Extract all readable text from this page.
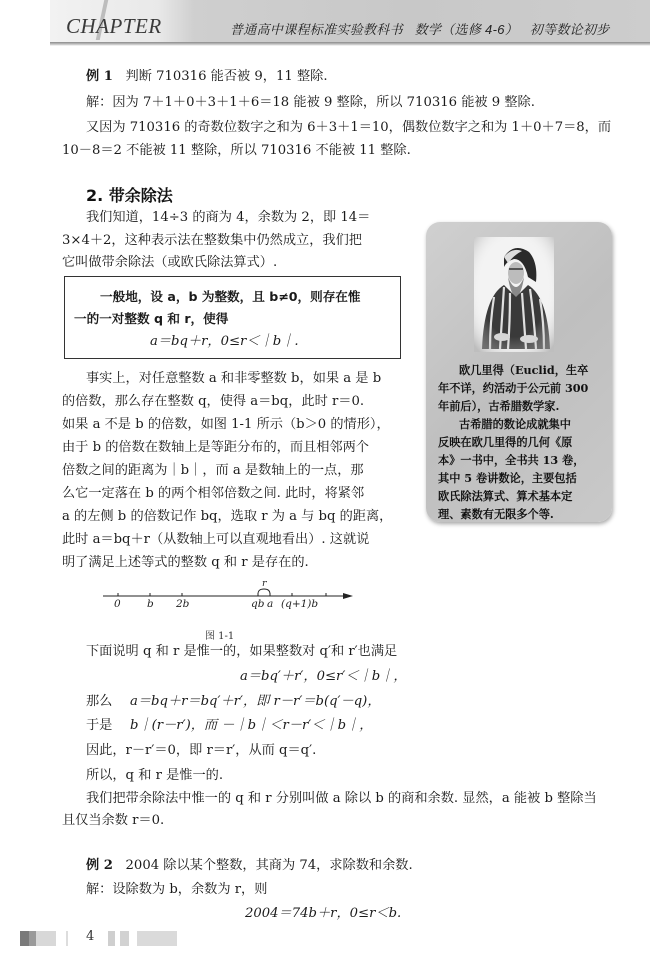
CHAPTER	普通高中课程标准实验教科书   数学（选修 4-6）   初等数论初步
例 1 判断 710316 能否被 9，11 整除.
解：因为 7＋1＋0＋3＋1＋6＝18 能被 9 整除，所以 710316 能被 9 整除.
又因为 710316 的奇数位数字之和为 6＋3＋1＝10，偶数位数字之和为 1＋0＋7＝8，而
10－8＝2 不能被 11 整除，所以 710316 不能被 11 整除.
2. 带余除法
我们知道，14÷3 的商为 4，余数为 2，即 14＝
3×4＋2，这种表示法在整数集中仍然成立，我们把
它叫做带余除法（或欧氏除法算式）.
一般地，设 a，b 为整数，且 b≠0，则存在惟
一的一对整数 q 和 r，使得
a＝bq＋r，0≤r＜｜b｜.
事实上，对任意整数 a 和非零整数 b，如果 a 是 b
的倍数，那么存在整数 q，使得 a＝bq，此时 r＝0.
如果 a 不是 b 的倍数，如图 1-1 所示（b＞0 的情形），
由于 b 的倍数在数轴上是等距分布的，而且相邻两个
倍数之间的距离为｜b｜，而 a 是数轴上的一点，那
么它一定落在 b 的两个相邻倍数之间. 此时，将紧邻
a 的左侧 b 的倍数记作 bq，选取 r 为 a 与 bq 的距离，
此时 a＝bq＋r（从数轴上可以直观地看出）. 这就说
明了满足上述等式的整数 q 和 r 是存在的.
欧几里得（Euclid，生卒
年不详，约活动于公元前 300
年前后），古希腊数学家.
古希腊的数论成就集中
反映在欧几里得的几何《原
本》一书中，全书共 13 卷，
其中 5 卷讲数论，主要包括
欧氏除法算式、算术基本定
理、素数有无限多个等.
0	b 2b	qb a (q+1)b
r
图 1-1
下面说明 q 和 r 是惟一的，如果整数对 q′和 r′也满足
a＝bq′＋r′，0≤r′＜｜b｜，
那么 a＝bq＋r＝bq′＋r′，即 r－r′＝b(q′－q)，
于是 b｜(r－r′)，而 －｜b｜＜r－r′＜｜b｜，
因此，r－r′＝0，即 r＝r′，从而 q＝q′.
所以，q 和 r 是惟一的.
我们把带余除法中惟一的 q 和 r 分别叫做 a 除以 b 的商和余数. 显然，a 能被 b 整除当
且仅当余数 r＝0.
例 2 2004 除以某个整数，其商为 74，求除数和余数.
解：设除数为 b，余数为 r，则
2004＝74b＋r，0≤r＜b.
4
